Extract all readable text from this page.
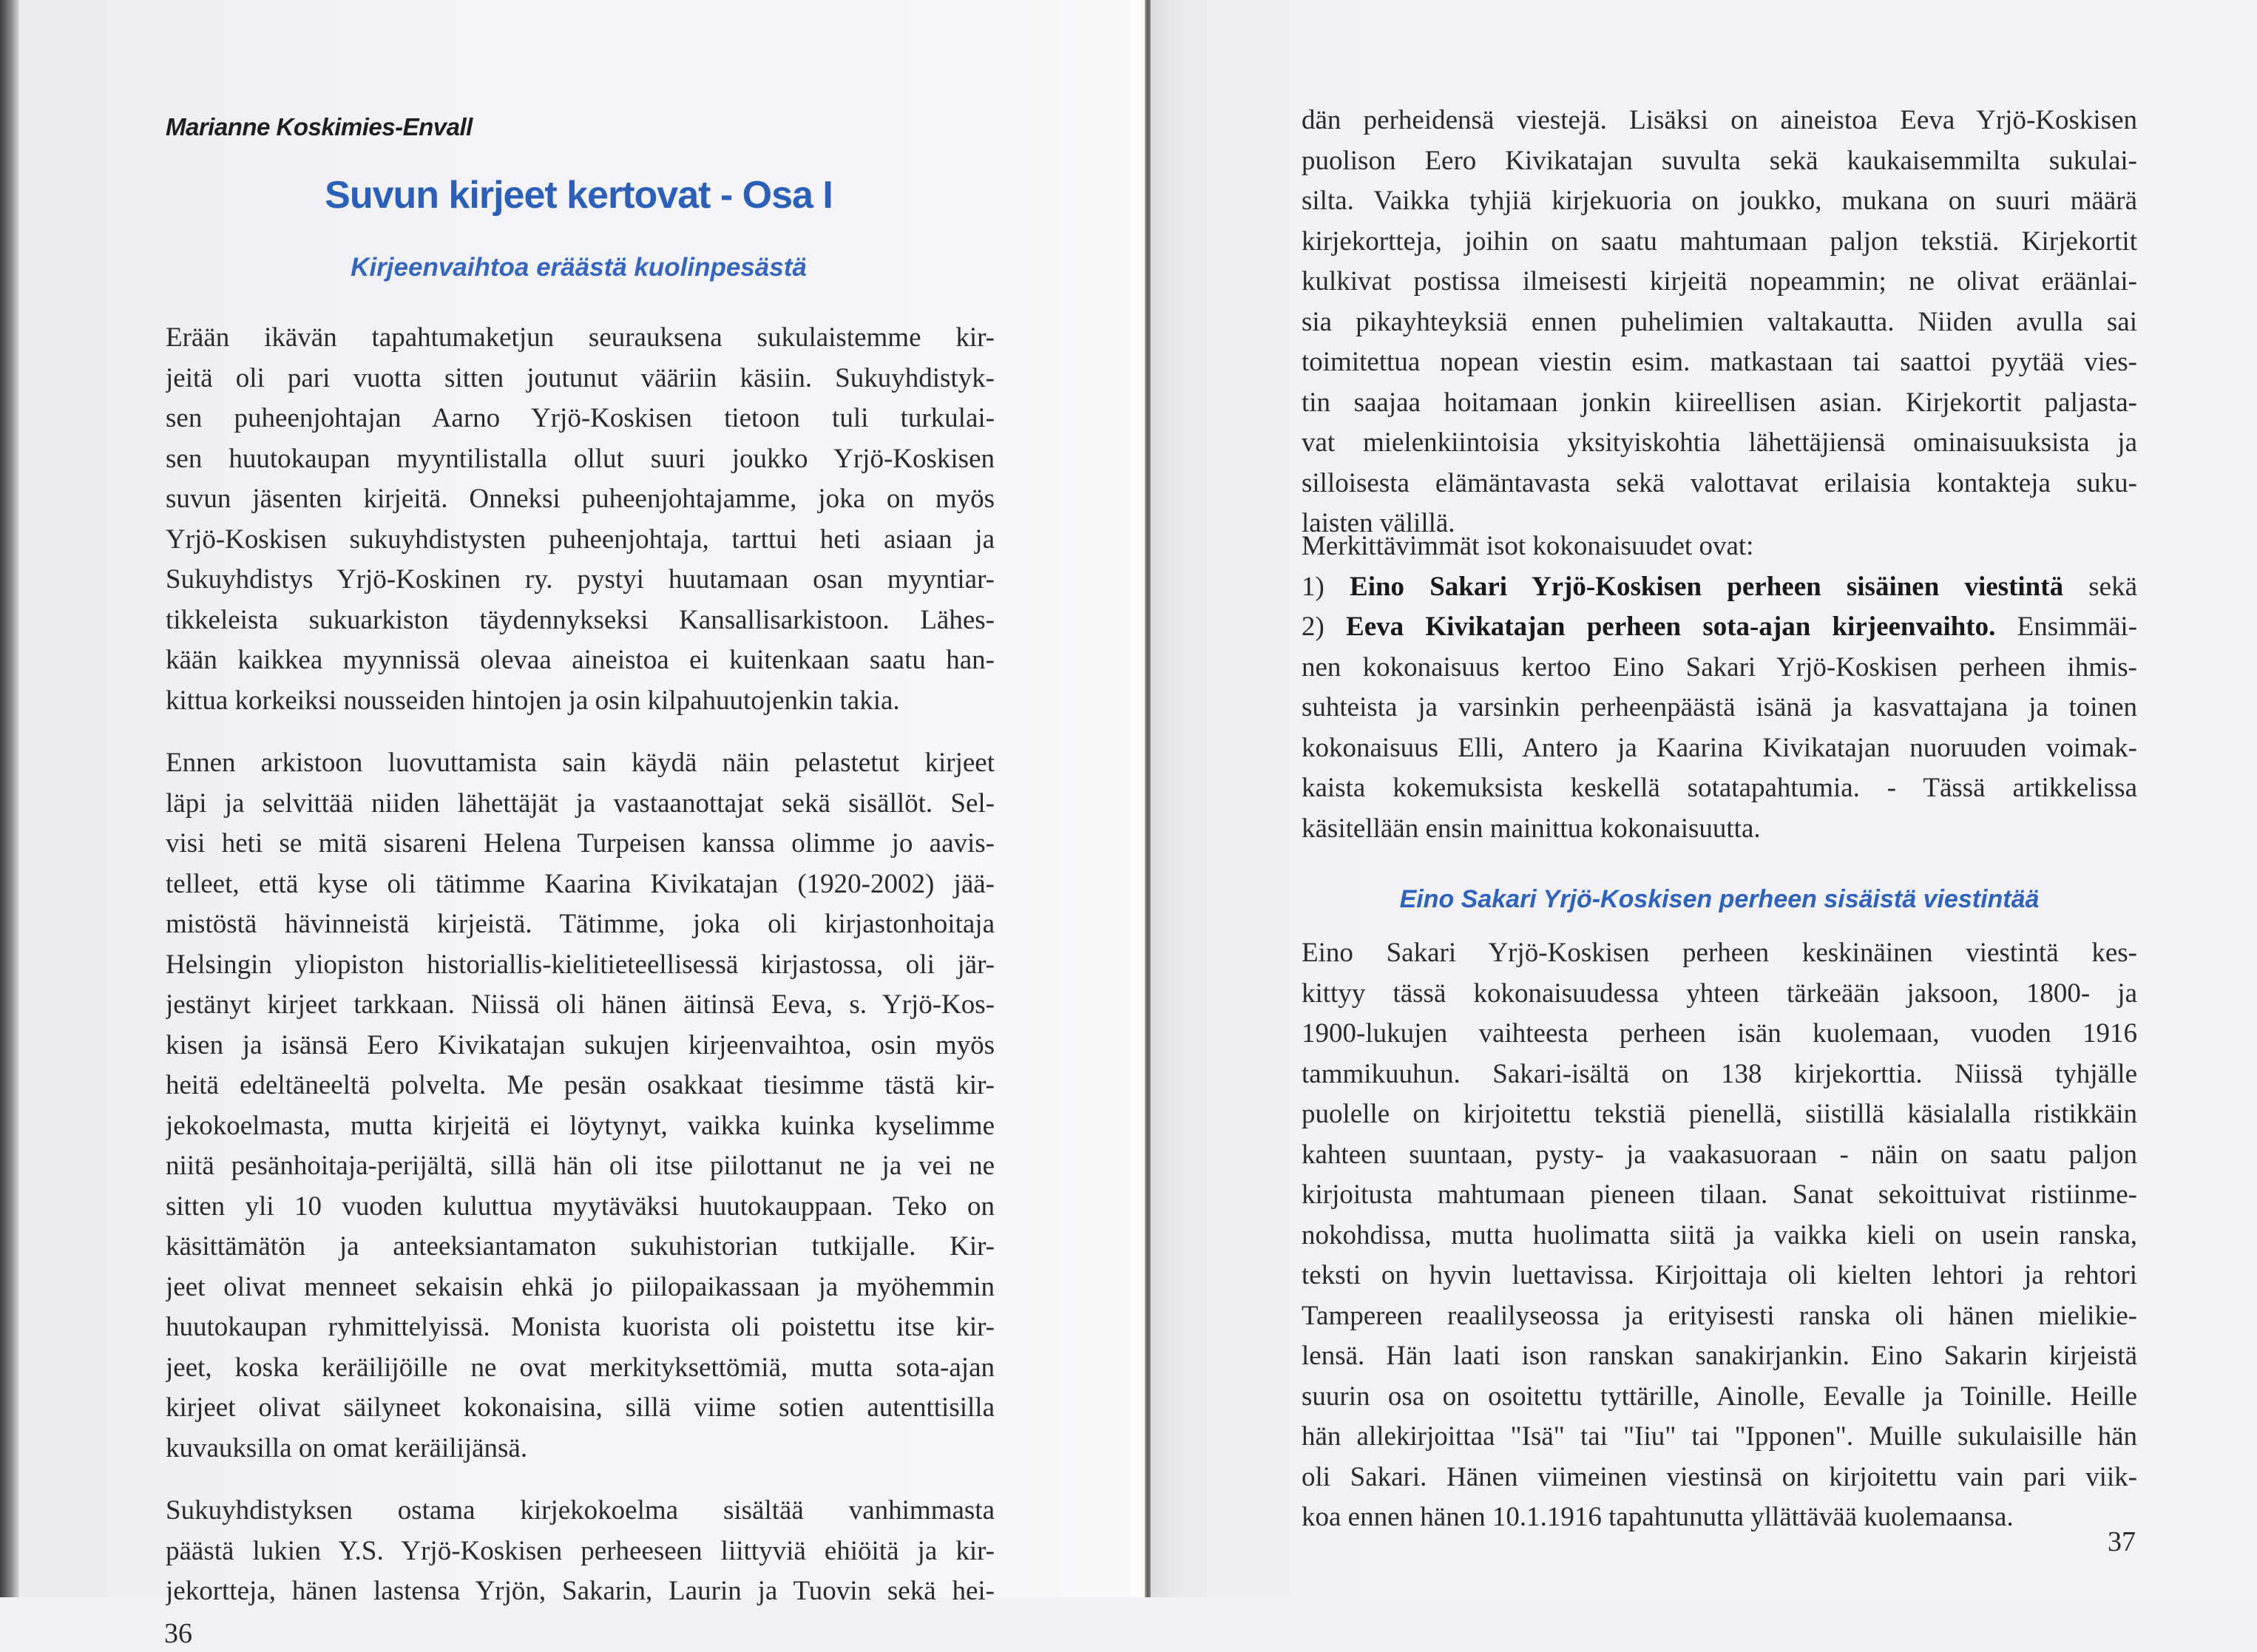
Marianne Koskimies-Envall
Suvun kirjeet kertovat - Osa I
Kirjeenvaihtoa eräästä kuolinpesästä
Erään ikävän tapahtumaketjun seurauksena sukulaistemme kir-
jeitä oli pari vuotta sitten joutunut vääriin käsiin. Sukuyhdistyk-
sen puheenjohtajan Aarno Yrjö-Koskisen tietoon tuli turkulai-
sen huutokaupan myyntilistalla ollut suuri joukko Yrjö-Koskisen
suvun jäsenten kirjeitä. Onneksi puheenjohtajamme, joka on myös
Yrjö-Koskisen sukuyhdistysten puheenjohtaja, tarttui heti asiaan ja
Sukuyhdistys Yrjö-Koskinen ry. pystyi huutamaan osan myyntiar-
tikkeleista sukuarkiston täydennykseksi Kansallisarkistoon. Lähes-
kään kaikkea myynnissä olevaa aineistoa ei kuitenkaan saatu han-
kittua korkeiksi nousseiden hintojen ja osin kilpahuutojenkin takia.
Ennen arkistoon luovuttamista sain käydä näin pelastetut kirjeet
läpi ja selvittää niiden lähettäjät ja vastaanottajat sekä sisällöt. Sel-
visi heti se mitä sisareni Helena Turpeisen kanssa olimme jo aavis-
telleet, että kyse oli tätimme Kaarina Kivikatajan (1920-2002) jää-
mistöstä hävinneistä kirjeistä. Tätimme, joka oli kirjastonhoitaja
Helsingin yliopiston historiallis-kielitieteellisessä kirjastossa, oli jär-
jestänyt kirjeet tarkkaan. Niissä oli hänen äitinsä Eeva, s. Yrjö-Kos-
kisen ja isänsä Eero Kivikatajan sukujen kirjeenvaihtoa, osin myös
heitä edeltäneeltä polvelta. Me pesän osakkaat tiesimme tästä kir-
jekokoelmasta, mutta kirjeitä ei löytynyt, vaikka kuinka kyselimme
niitä pesänhoitaja-perijältä, sillä hän oli itse piilottanut ne ja vei ne
sitten yli 10 vuoden kuluttua myytäväksi huutokauppaan. Teko on
käsittämätön ja anteeksiantamaton sukuhistorian tutkijalle. Kir-
jeet olivat menneet sekaisin ehkä jo piilopaikassaan ja myöhemmin
huutokaupan ryhmittelyissä. Monista kuorista oli poistettu itse kir-
jeet, koska keräilijöille ne ovat merkityksettömiä, mutta sota-ajan
kirjeet olivat säilyneet kokonaisina, sillä viime sotien autenttisilla
kuvauksilla on omat keräilijänsä.
Sukuyhdistyksen ostama kirjekokoelma sisältää vanhimmasta
päästä lukien Y.S. Yrjö-Koskisen perheeseen liittyviä ehiöitä ja kir-
jekortteja, hänen lastensa Yrjön, Sakarin, Laurin ja Tuovin sekä hei-
36
dän perheidensä viestejä. Lisäksi on aineistoa Eeva Yrjö-Koskisen
puolison Eero Kivikatajan suvulta sekä kaukaisemmilta sukulai-
silta. Vaikka tyhjiä kirjekuoria on joukko, mukana on suuri määrä
kirjekortteja, joihin on saatu mahtumaan paljon tekstiä. Kirjekortit
kulkivat postissa ilmeisesti kirjeitä nopeammin; ne olivat eräänlai-
sia pikayhteyksiä ennen puhelimien valtakautta. Niiden avulla sai
toimitettua nopean viestin esim. matkastaan tai saattoi pyytää vies-
tin saajaa hoitamaan jonkin kiireellisen asian. Kirjekortit paljasta-
vat mielenkiintoisia yksityiskohtia lähettäjiensä ominaisuuksista ja
silloisesta elämäntavasta sekä valottavat erilaisia kontakteja suku-
laisten välillä.
Merkittävimmät isot kokonaisuudet ovat:
1) Eino Sakari Yrjö-Koskisen perheen sisäinen viestintä sekä
2) Eeva Kivikatajan perheen sota-ajan kirjeenvaihto. Ensimmäi-
nen kokonaisuus kertoo Eino Sakari Yrjö-Koskisen perheen ihmis-
suhteista ja varsinkin perheenpäästä isänä ja kasvattajana ja toinen
kokonaisuus Elli, Antero ja Kaarina Kivikatajan nuoruuden voimak-
kaista kokemuksista keskellä sotatapahtumia. - Tässä artikkelissa
käsitellään ensin mainittua kokonaisuutta.
Eino Sakari Yrjö-Koskisen perheen sisäistä viestintää
Eino Sakari Yrjö-Koskisen perheen keskinäinen viestintä kes-
kittyy tässä kokonaisuudessa yhteen tärkeään jaksoon, 1800- ja
1900-lukujen vaihteesta perheen isän kuolemaan, vuoden 1916
tammikuuhun. Sakari-isältä on 138 kirjekorttia. Niissä tyhjälle
puolelle on kirjoitettu tekstiä pienellä, siistillä käsialalla ristikkäin
kahteen suuntaan, pysty- ja vaakasuoraan - näin on saatu paljon
kirjoitusta mahtumaan pieneen tilaan. Sanat sekoittuivat ristiinme-
nokohdissa, mutta huolimatta siitä ja vaikka kieli on usein ranska,
teksti on hyvin luettavissa. Kirjoittaja oli kielten lehtori ja rehtori
Tampereen reaalilyseossa ja erityisesti ranska oli hänen mielikie-
lensä. Hän laati ison ranskan sanakirjankin. Eino Sakarin kirjeistä
suurin osa on osoitettu tyttärille, Ainolle, Eevalle ja Toinille. Heille
hän allekirjoittaa "Isä" tai "Iiu" tai "Ipponen". Muille sukulaisille hän
oli Sakari. Hänen viimeinen viestinsä on kirjoitettu vain pari viik-
koa ennen hänen 10.1.1916 tapahtunutta yllättävää kuolemaansa.
37
